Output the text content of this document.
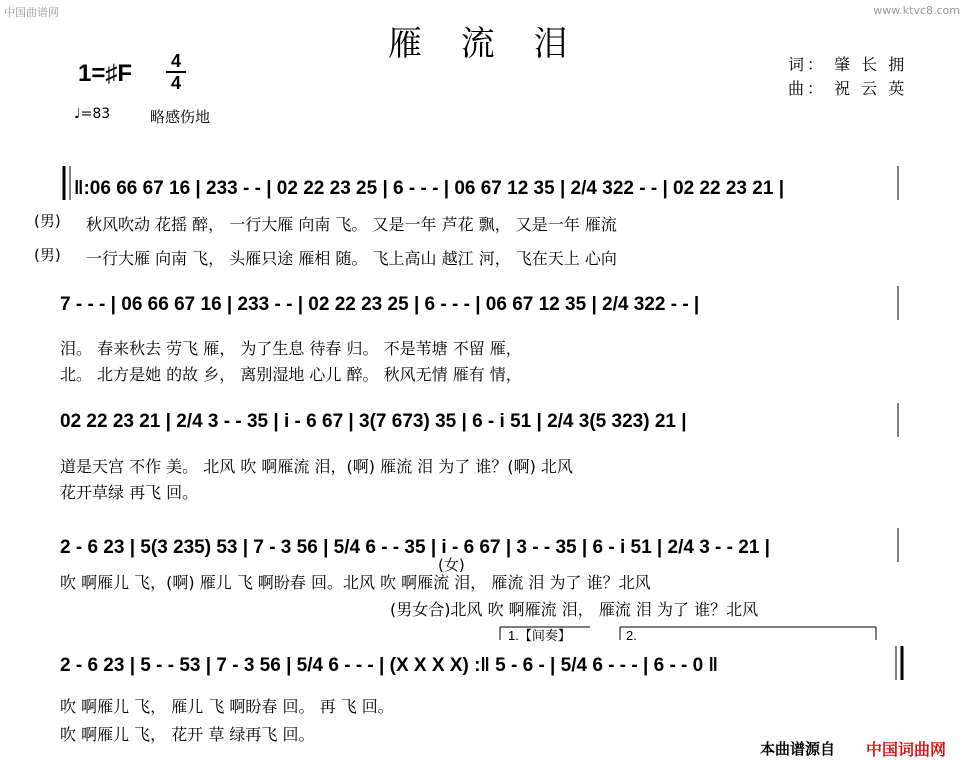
中国曲谱网	www.ktvc8.com
雁 流 泪
1=♯F 4
4
词： 肇 长 拥
曲： 祝 云 英
♩=83	略感伤地
‖:06 66 67 16 | 233 - - | 02 22 23 25 | 6 - - - | 06 67 12 35 | 2/4 322 - - | 02 22 23 21 |
7 - - - | 06 66 67 16 | 233 - - | 02 22 23 25 | 6 - - - | 06 67 12 35 | 2/4 322 - - |
02 22 23 21 | 2/4 3 - - 35 | i - 6 67 | 3(7 673) 35 | 6 - i 51 | 2/4 3(5 323) 21 |
2 - 6 23 | 5(3 235) 53 | 7 - 3 56 | 5/4 6 - - 35 | i - 6 67 | 3 - - 35 | 6 - i 51 | 2/4 3 - - 21 |
1.【间奏】	2.
2 - 6 23 | 5 - - 53 | 7 - 3 56 | 5/4 6 - - - | (X X X X) :‖ 5 - 6 - | 5/4 6 - - - | 6 - - 0 ‖
(男)
(男)
秋风吹动 花摇 醉， 一行大雁 向南 飞。 又是一年 芦花 飘， 又是一年 雁流
一行大雁 向南 飞， 头雁只途 雁相 随。 飞上高山 越江 河， 飞在天上 心向
泪。 春来秋去 劳飞 雁， 为了生息 待春 归。 不是苇塘 不留 雁，
北。 北方是她 的故 乡， 离别湿地 心儿 醉。 秋风无情 雁有 情，
道是天宫 不作 美。 北风 吹 啊雁流 泪，(啊) 雁流 泪 为了 谁？(啊) 北风
花开草绿 再飞 回。
(女)
吹 啊雁儿 飞，(啊) 雁儿 飞 啊盼春 回。北风 吹 啊雁流 泪， 雁流 泪 为了 谁？北风
(男女合)北风 吹 啊雁流 泪， 雁流 泪 为了 谁？北风
吹 啊雁儿 飞， 雁儿 飞 啊盼春 回。 再 飞 回。
吹 啊雁儿 飞， 花开 草 绿再飞 回。
本曲谱源自 中国词曲网
